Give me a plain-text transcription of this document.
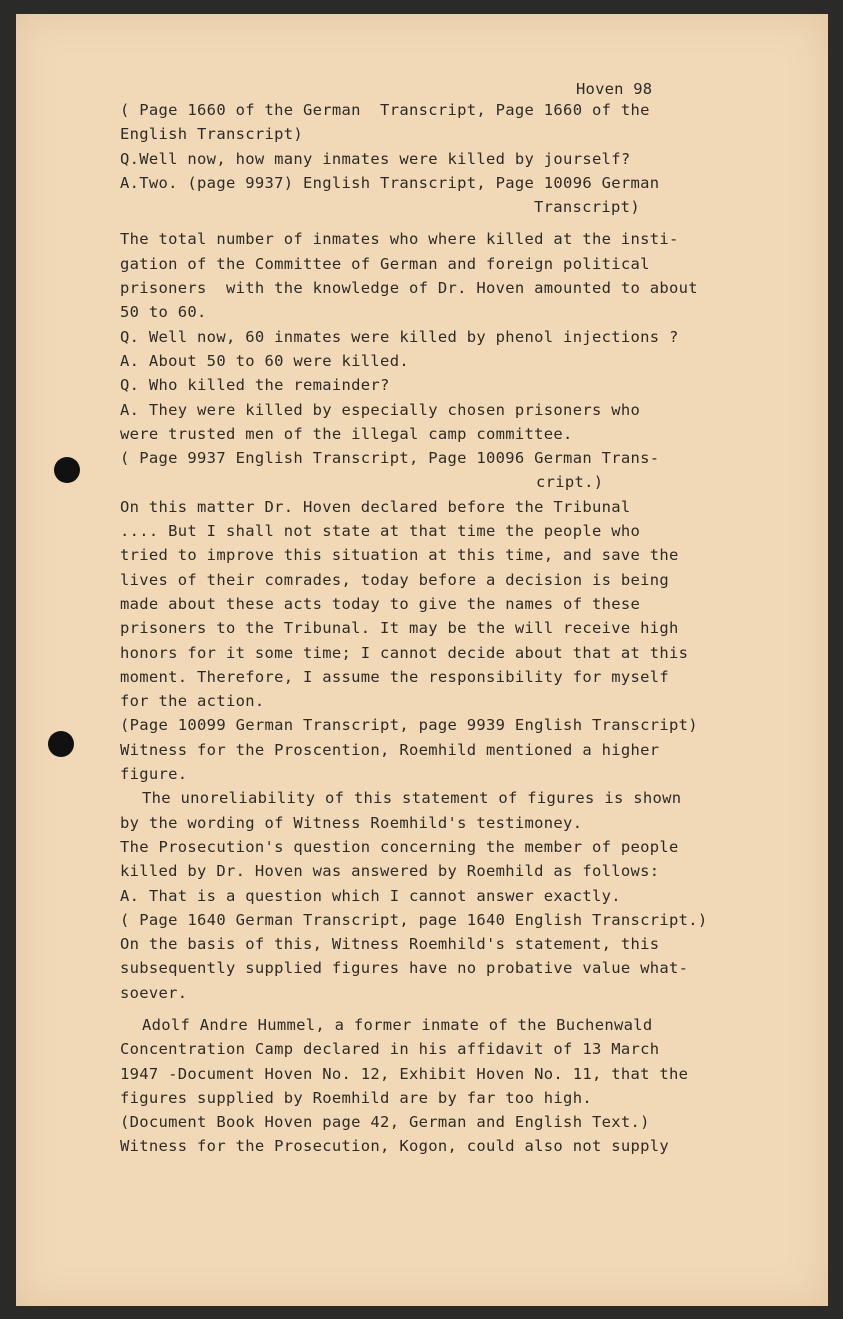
Hoven 98
( Page 1660 of the German  Transcript, Page 1660 of the
English Transcript)
Q.Well now, how many inmates were killed by jourself?
A.Two. (page 9937) English Transcript, Page 10096 German
Transcript)
The total number of inmates who where killed at the insti-
gation of the Committee of German and foreign political
prisoners  with the knowledge of Dr. Hoven amounted to about
50 to 60.
Q. Well now, 60 inmates were killed by phenol injections ?
A. About 50 to 60 were killed.
Q. Who killed the remainder?
A. They were killed by especially chosen prisoners who
were trusted men of the illegal camp committee.
( Page 9937 English Transcript, Page 10096 German Trans-
cript.)
On this matter Dr. Hoven declared before the Tribunal
.... But I shall not state at that time the people who
tried to improve this situation at this time, and save the
lives of their comrades, today before a decision is being
made about these acts today to give the names of these
prisoners to the Tribunal. It may be the will receive high
honors for it some time; I cannot decide about that at this
moment. Therefore, I assume the responsibility for myself
for the action.
(Page 10099 German Transcript, page 9939 English Transcript)
Witness for the Proscention, Roemhild mentioned a higher
figure.
The unoreliability of this statement of figures is shown
by the wording of Witness Roemhild's testimoney.
The Prosecution's question concerning the member of people
killed by Dr. Hoven was answered by Roemhild as follows:
A. That is a question which I cannot answer exactly.
( Page 1640 German Transcript, page 1640 English Transcript.)
On the basis of this, Witness Roemhild's statement, this
subsequently supplied figures have no probative value what-
soever.
Adolf Andre Hummel, a former inmate of the Buchenwald
Concentration Camp declared in his affidavit of 13 March
1947 -Document Hoven No. 12, Exhibit Hoven No. 11, that the
figures supplied by Roemhild are by far too high.
(Document Book Hoven page 42, German and English Text.)
Witness for the Prosecution, Kogon, could also not supply
